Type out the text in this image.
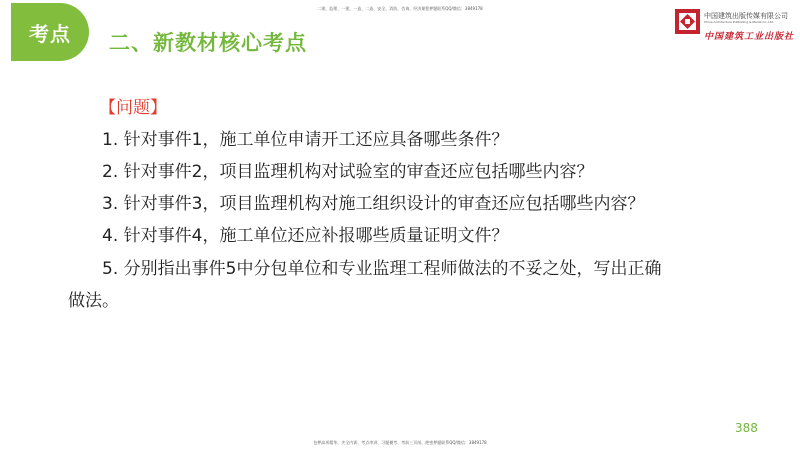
二建、监理、一建、一造、二造、安全、消防、咨询、经济课程押题联系QQ/微信：3849178
考点 二、新教材核心考点
中国建筑出版传媒有限公司
China Architecture Publishing & Media Co.,Ltd.
中国建筑工业出版社
【问题】
1. 针对事件1，施工单位申请开工还应具备哪些条件？
2. 针对事件2，项目监理机构对试验室的审查还应包括哪些内容？
3. 针对事件3，项目监理机构对施工组织设计的审查还应包括哪些内容？
4. 针对事件4，施工单位还应补报哪些质量证明文件？
5. 分别指出事件5中分包单位和专业监理工程师做法的不妥之处，写出正确
做法。
388
包押高项精华、夹全内训、考点串讲、习题模考、考前三页纸、绝密押题联系QQ/微信：3849178
